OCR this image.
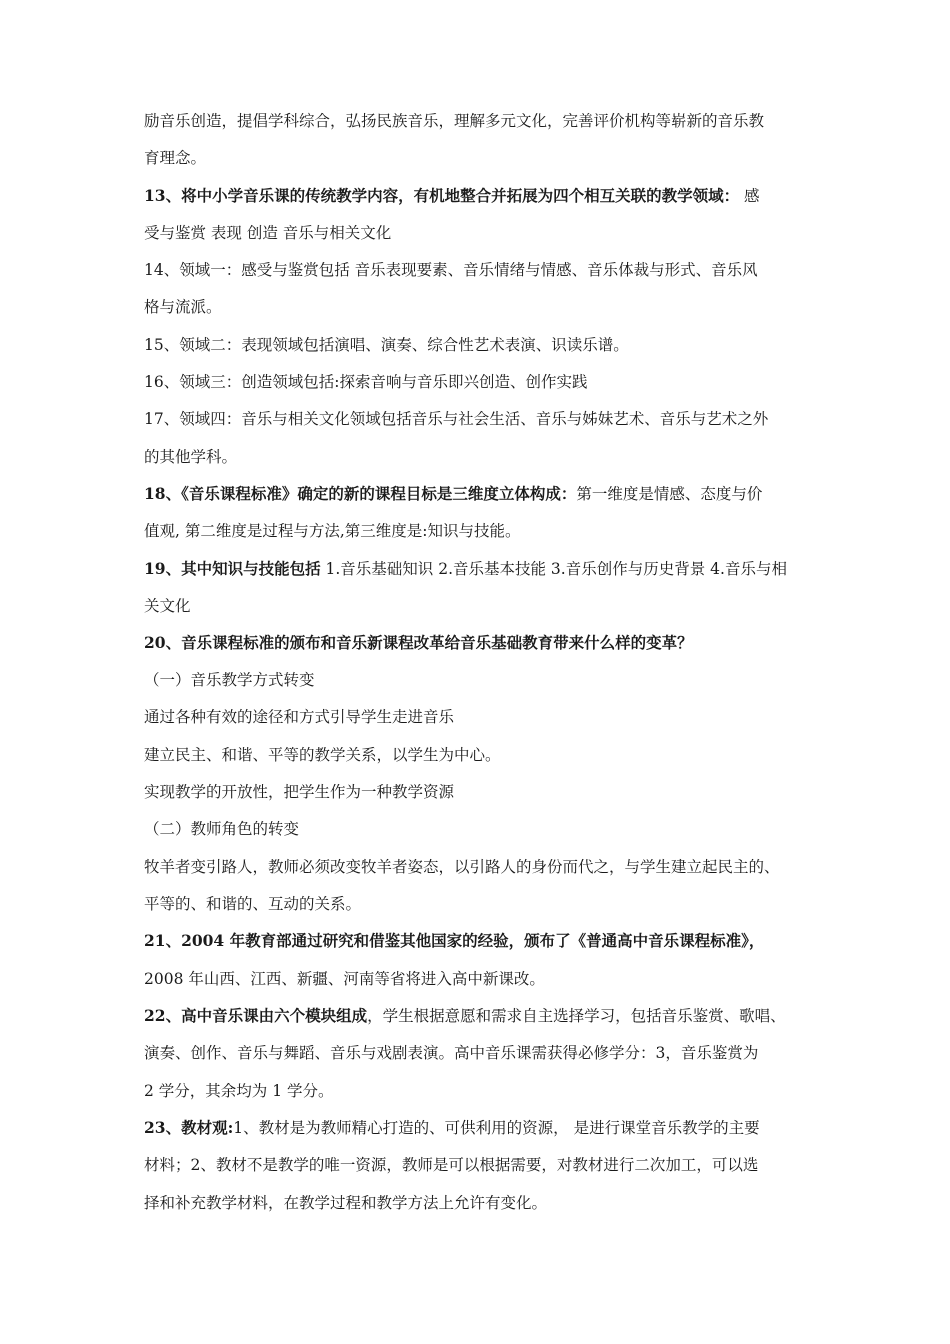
励音乐创造，提倡学科综合，弘扬民族音乐，理解多元文化，完善评价机构等崭新的音乐教
育理念。
13、将中小学音乐课的传统教学内容，有机地整合并拓展为四个相互关联的教学领域： 感
受与鉴赏 表现 创造 音乐与相关文化
14、领域一：感受与鉴赏包括 音乐表现要素、音乐情绪与情感、音乐体裁与形式、音乐风
格与流派。
15、领域二：表现领域包括演唱、演奏、综合性艺术表演、识读乐谱。
16、领域三：创造领域包括:探索音响与音乐即兴创造、创作实践
17、领域四：音乐与相关文化领域包括音乐与社会生活、音乐与姊妹艺术、音乐与艺术之外
的其他学科。
18、《音乐课程标准》确定的新的课程目标是三维度立体构成：第一维度是情感、态度与价
值观, 第二维度是过程与方法,第三维度是:知识与技能。
19、其中知识与技能包括 1.音乐基础知识 2.音乐基本技能 3.音乐创作与历史背景 4.音乐与相
关文化
20、音乐课程标准的颁布和音乐新课程改革给音乐基础教育带来什么样的变革？
（一）音乐教学方式转变
通过各种有效的途径和方式引导学生走进音乐
建立民主、和谐、平等的教学关系，以学生为中心。
实现教学的开放性，把学生作为一种教学资源
（二）教师角色的转变
牧羊者变引路人，教师必须改变牧羊者姿态，以引路人的身份而代之，与学生建立起民主的、
平等的、和谐的、互动的关系。
21、2004 年教育部通过研究和借鉴其他国家的经验，颁布了《普通高中音乐课程标准》，
2008 年山西、江西、新疆、河南等省将进入高中新课改。
22、高中音乐课由六个模块组成，学生根据意愿和需求自主选择学习，包括音乐鉴赏、歌唱、
演奏、创作、音乐与舞蹈、音乐与戏剧表演。高中音乐课需获得必修学分：3，音乐鉴赏为
2 学分，其余均为 1 学分。
23、教材观:1、教材是为教师精心打造的、可供利用的资源， 是进行课堂音乐教学的主要
材料；2、教材不是教学的唯一资源，教师是可以根据需要，对教材进行二次加工，可以选
择和补充教学材料，在教学过程和教学方法上允许有变化。
